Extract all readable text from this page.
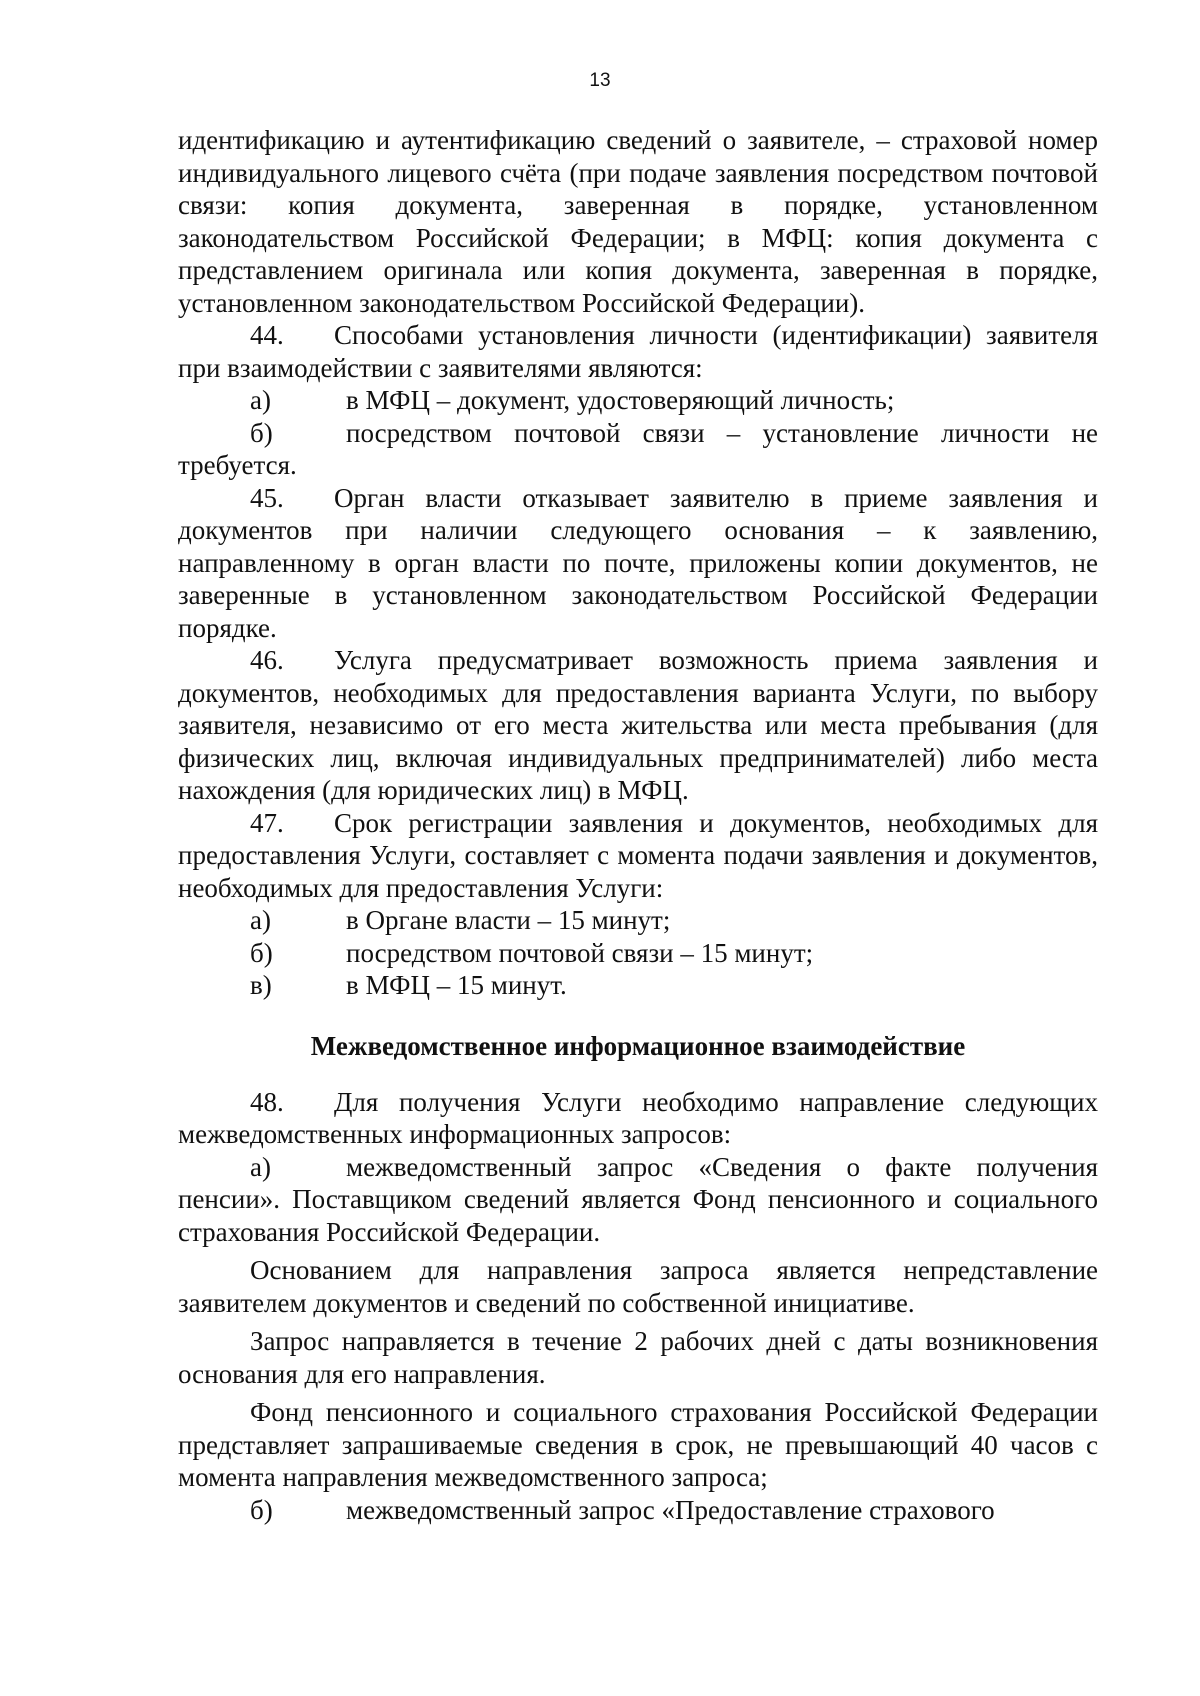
13

идентификацию и аутентификацию сведений о заявителе, – страховой номер индивидуального лицевого счёта (при подаче заявления посредством почтовой связи: копия документа, заверенная в порядке, установленном законодательством Российской Федерации; в МФЦ: копия документа с представлением оригинала или копия документа, заверенная в порядке, установленном законодательством Российской Федерации).

44. Способами установления личности (идентификации) заявителя при взаимодействии с заявителями являются:

а)	в МФЦ – документ, удостоверяющий личность;

б)	посредством почтовой связи – установление личности не требуется.

45. Орган власти отказывает заявителю в приеме заявления и документов при наличии следующего основания – к заявлению, направленному в орган власти по почте, приложены копии документов, не заверенные в установленном законодательством Российской Федерации порядке.

46. Услуга предусматривает возможность приема заявления и документов, необходимых для предоставления варианта Услуги, по выбору заявителя, независимо от его места жительства или места пребывания (для физических лиц, включая индивидуальных предпринимателей) либо места нахождения (для юридических лиц) в МФЦ.

47. Срок регистрации заявления и документов, необходимых для предоставления Услуги, составляет с момента подачи заявления и документов, необходимых для предоставления Услуги:

а)	в Органе власти – 15 минут;

б)	посредством почтовой связи – 15 минут;

в)	в МФЦ – 15 минут.

Межведомственное информационное взаимодействие

48. Для получения Услуги необходимо направление следующих межведомственных информационных запросов:

а)	межведомственный запрос «Сведения о факте получения пенсии». Поставщиком сведений является Фонд пенсионного и социального страхования Российской Федерации.

Основанием для направления запроса является непредставление заявителем документов и сведений по собственной инициативе.

Запрос направляется в течение 2 рабочих дней с даты возникновения основания для его направления.

Фонд пенсионного и социального страхования Российской Федерации представляет запрашиваемые сведения в срок, не превышающий 40 часов с момента направления межведомственного запроса;

б)	межведомственный запрос «Предоставление страхового
